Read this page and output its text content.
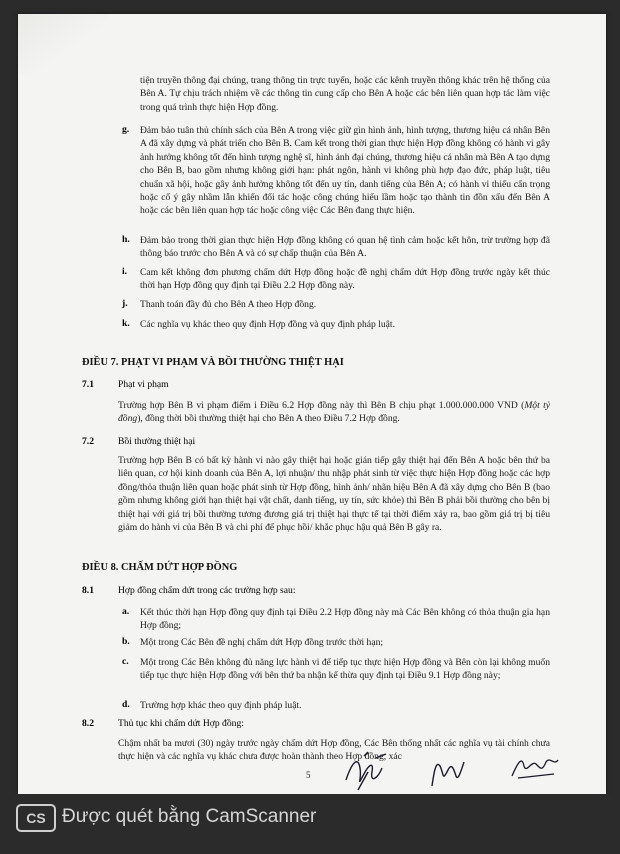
tiện truyền thông đại chúng, trang thông tin trực tuyến, hoặc các kênh truyền thông khác trên hệ thống của Bên A. Tự chịu trách nhiệm về các thông tin cung cấp cho Bên A hoặc các bên liên quan hợp tác làm việc trong quá trình thực hiện Hợp đồng.
g. Đảm bảo tuân thủ chính sách của Bên A trong việc giữ gìn hình ảnh, hình tượng, thương hiệu cá nhân Bên A đã xây dựng và phát triển cho Bên B. Cam kết trong thời gian thực hiện Hợp đồng không có hành vi gây ảnh hưởng không tốt đến hình tượng nghệ sĩ, hình ảnh đại chúng, thương hiệu cá nhân mà Bên A tạo dựng cho Bên B, bao gồm nhưng không giới hạn: phát ngôn, hành vi không phù hợp đạo đức, pháp luật, tiêu chuẩn xã hội, hoặc gây ảnh hưởng không tốt đến uy tín, danh tiếng của Bên A; có hành vi thiếu cẩn trọng hoặc cố ý gây nhầm lẫn khiến đối tác hoặc công chúng hiểu lầm hoặc tạo thành tin đồn xấu đến Bên A hoặc các bên liên quan hợp tác hoặc công việc Các Bên đang thực hiện.
h. Đảm bảo trong thời gian thực hiện Hợp đồng không có quan hệ tình cảm hoặc kết hôn, trừ trường hợp đã thông báo trước cho Bên A và có sự chấp thuận của Bên A.
i. Cam kết không đơn phương chấm dứt Hợp đồng hoặc đề nghị chấm dứt Hợp đồng trước ngày kết thúc thời hạn Hợp đồng quy định tại Điều 2.2 Hợp đồng này.
j. Thanh toán đầy đủ cho Bên A theo Hợp đồng.
k. Các nghĩa vụ khác theo quy định Hợp đồng và quy định pháp luật.
ĐIỀU 7. PHẠT VI PHẠM VÀ BỒI THƯỜNG THIỆT HẠI
7.1	Phạt vi phạm
Trường hợp Bên B vi phạm điểm i Điều 6.2 Hợp đồng này thì Bên B chịu phạt 1.000.000.000 VND (Một tỷ đồng), đồng thời bồi thường thiệt hại cho Bên A theo Điều 7.2 Hợp đồng.
7.2	Bồi thường thiệt hại
Trường hợp Bên B có bất kỳ hành vi nào gây thiệt hại hoặc gián tiếp gây thiệt hại đến Bên A hoặc bên thứ ba liên quan, cơ hội kinh doanh của Bên A, lợi nhuận/ thu nhập phát sinh từ việc thực hiện Hợp đồng hoặc các hợp đồng/thỏa thuận liên quan hoặc phát sinh từ Hợp đồng, hình ảnh/ nhãn hiệu Bên A đã xây dựng cho Bên B (bao gồm nhưng không giới hạn thiệt hại vật chất, danh tiếng, uy tín, sức khỏe) thì Bên B phải bồi thường cho bên bị thiệt hại với giá trị bồi thường tương đương giá trị thiệt hại thực tế tại thời điểm xảy ra, bao gồm giá trị bị tiêu giảm do hành vi của Bên B và chi phí để phục hồi/ khắc phục hậu quả Bên B gây ra.
ĐIỀU 8. CHẤM DỨT HỢP ĐỒNG
8.1	Hợp đồng chấm dứt trong các trường hợp sau:
a. Kết thúc thời hạn Hợp đồng quy định tại Điều 2.2 Hợp đồng này mà Các Bên không có thỏa thuận gia hạn Hợp đồng;
b. Một trong Các Bên đề nghị chấm dứt Hợp đồng trước thời hạn;
c. Một trong Các Bên không đủ năng lực hành vi để tiếp tục thực hiện Hợp đồng và Bên còn lại không muốn tiếp tục thực hiện Hợp đồng với bên thứ ba nhận kế thừa quy định tại Điều 9.1 Hợp đồng này;
d. Trường hợp khác theo quy định pháp luật.
8.2	Thủ tục khi chấm dứt Hợp đồng:
Chậm nhất ba mươi (30) ngày trước ngày chấm dứt Hợp đồng, Các Bên thống nhất các nghĩa vụ tài chính chưa thực hiện và các nghĩa vụ khác chưa được hoàn thành theo Hợp đồng, xác
5
CS Được quét bằng CamScanner
